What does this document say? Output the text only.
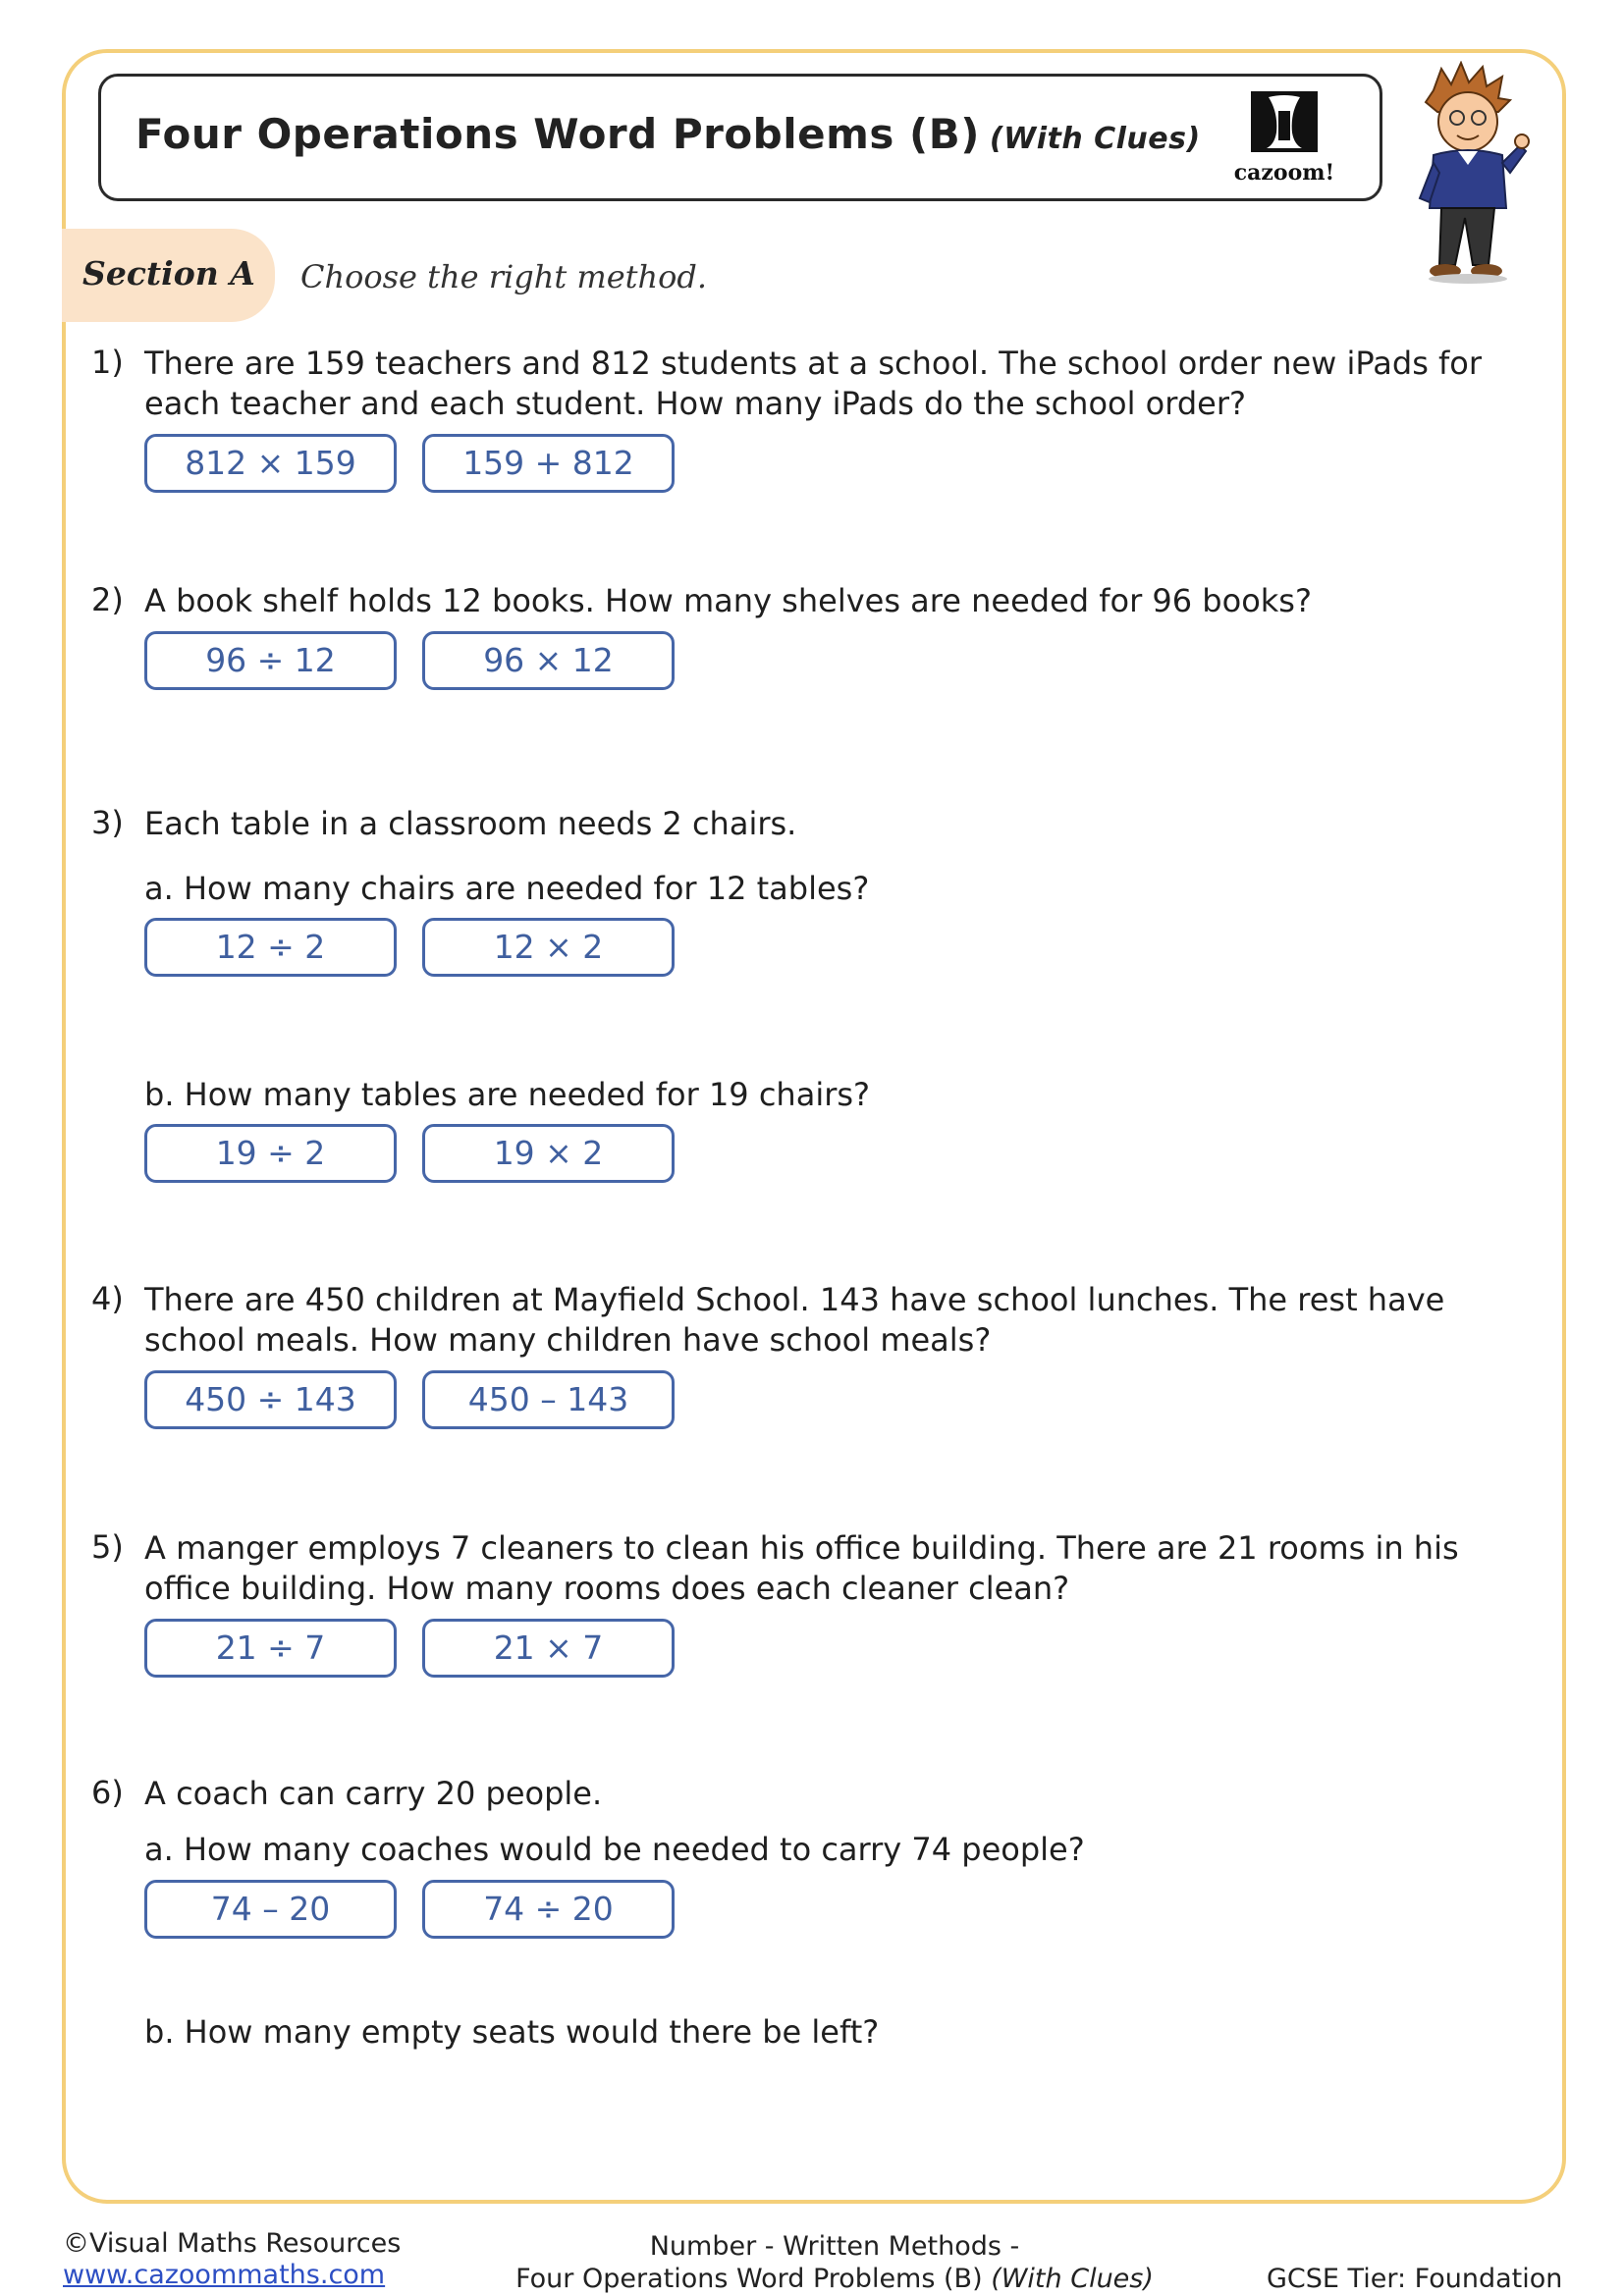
Four Operations Word Problems (B) (With Clues)
cazoom!
Section A Choose the right method.
1) There are 159 teachers and 812 students at a school. The school order new iPads for
each teacher and each student. How many iPads do the school order?
812 × 159	159 + 812
2) A book shelf holds 12 books. How many shelves are needed for 96 books?
96 ÷ 12	96 × 12
3) Each table in a classroom needs 2 chairs.
a. How many chairs are needed for 12 tables?
12 ÷ 2	12 × 2
b. How many tables are needed for 19 chairs?
19 ÷ 2	19 × 2
4) There are 450 children at Mayfield School. 143 have school lunches. The rest have
school meals. How many children have school meals?
450 ÷ 143	450 – 143
5) A manger employs 7 cleaners to clean his office building. There are 21 rooms in his
office building. How many rooms does each cleaner clean?
21 ÷ 7	21 × 7
6) A coach can carry 20 people.
a. How many coaches would be needed to carry 74 people?
74 – 20	74 ÷ 20
b. How many empty seats would there be left?
©Visual Maths Resources
www.cazoommaths.com
Number - Written Methods -
Four Operations Word Problems (B) (With Clues)	GCSE Tier: Foundation
